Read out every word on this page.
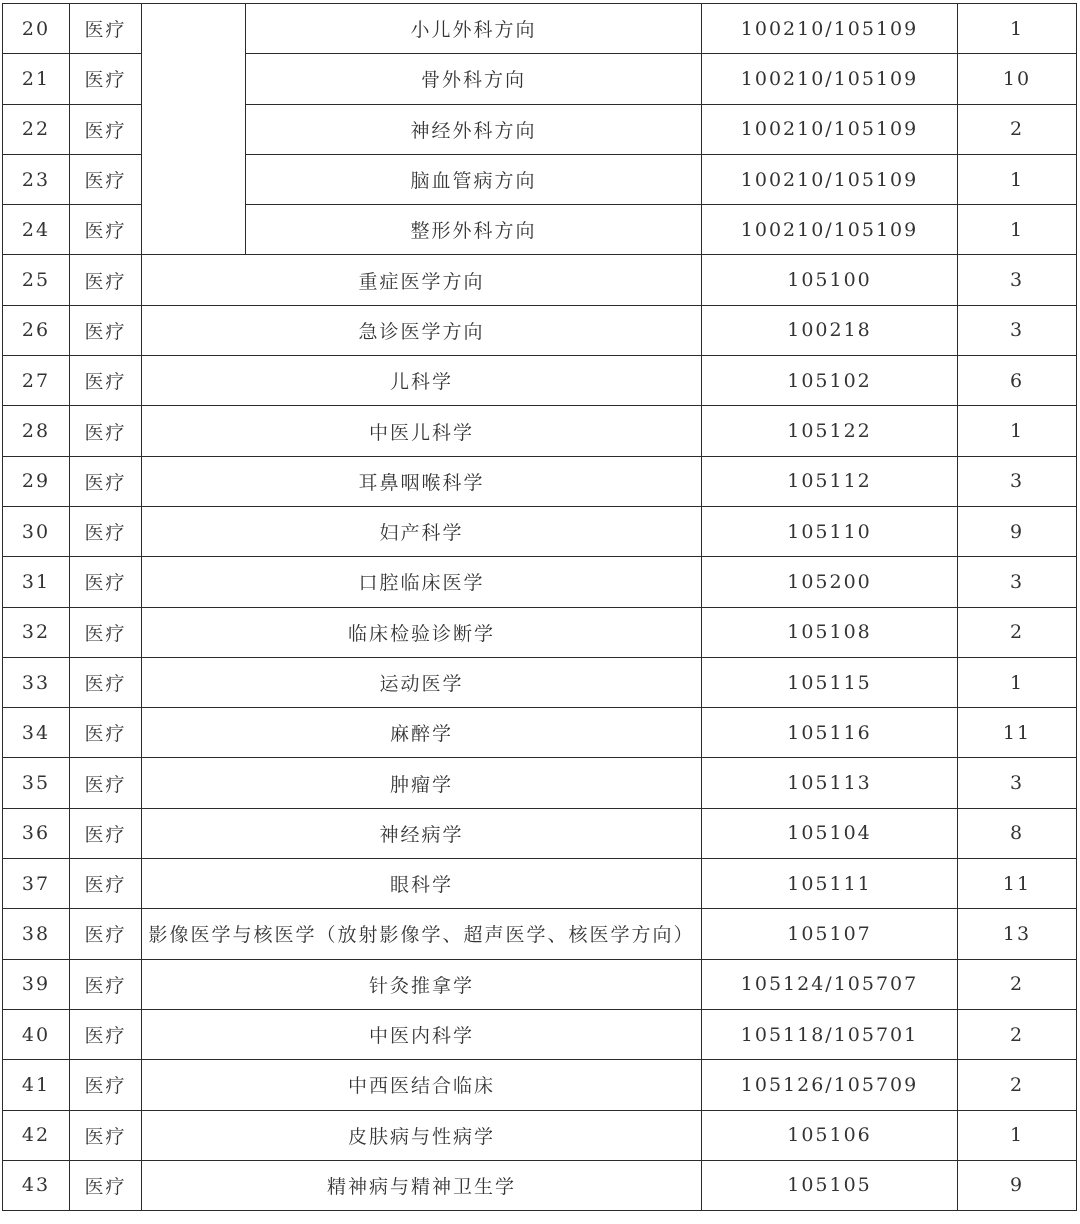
20	医疗		小儿外科方向	100210/105109	1
21	医疗		骨外科方向	100210/105109	10
22	医疗		神经外科方向	100210/105109	2
23	医疗		脑血管病方向	100210/105109	1
24	医疗		整形外科方向	100210/105109	1
25	医疗	重症医学方向		105100	3
26	医疗	急诊医学方向		100218	3
27	医疗	儿科学		105102	6
28	医疗	中医儿科学		105122	1
29	医疗	耳鼻咽喉科学		105112	3
30	医疗	妇产科学		105110	9
31	医疗	口腔临床医学		105200	3
32	医疗	临床检验诊断学		105108	2
33	医疗	运动医学		105115	1
34	医疗	麻醉学		105116	11
35	医疗	肿瘤学		105113	3
36	医疗	神经病学		105104	8
37	医疗	眼科学		105111	11
38	医疗	影像医学与核医学（放射影像学、超声医学、核医学方向）		105107	13
39	医疗	针灸推拿学		105124/105707	2
40	医疗	中医内科学		105118/105701	2
41	医疗	中西医结合临床		105126/105709	2
42	医疗	皮肤病与性病学		105106	1
43	医疗	精神病与精神卫生学		105105	9
